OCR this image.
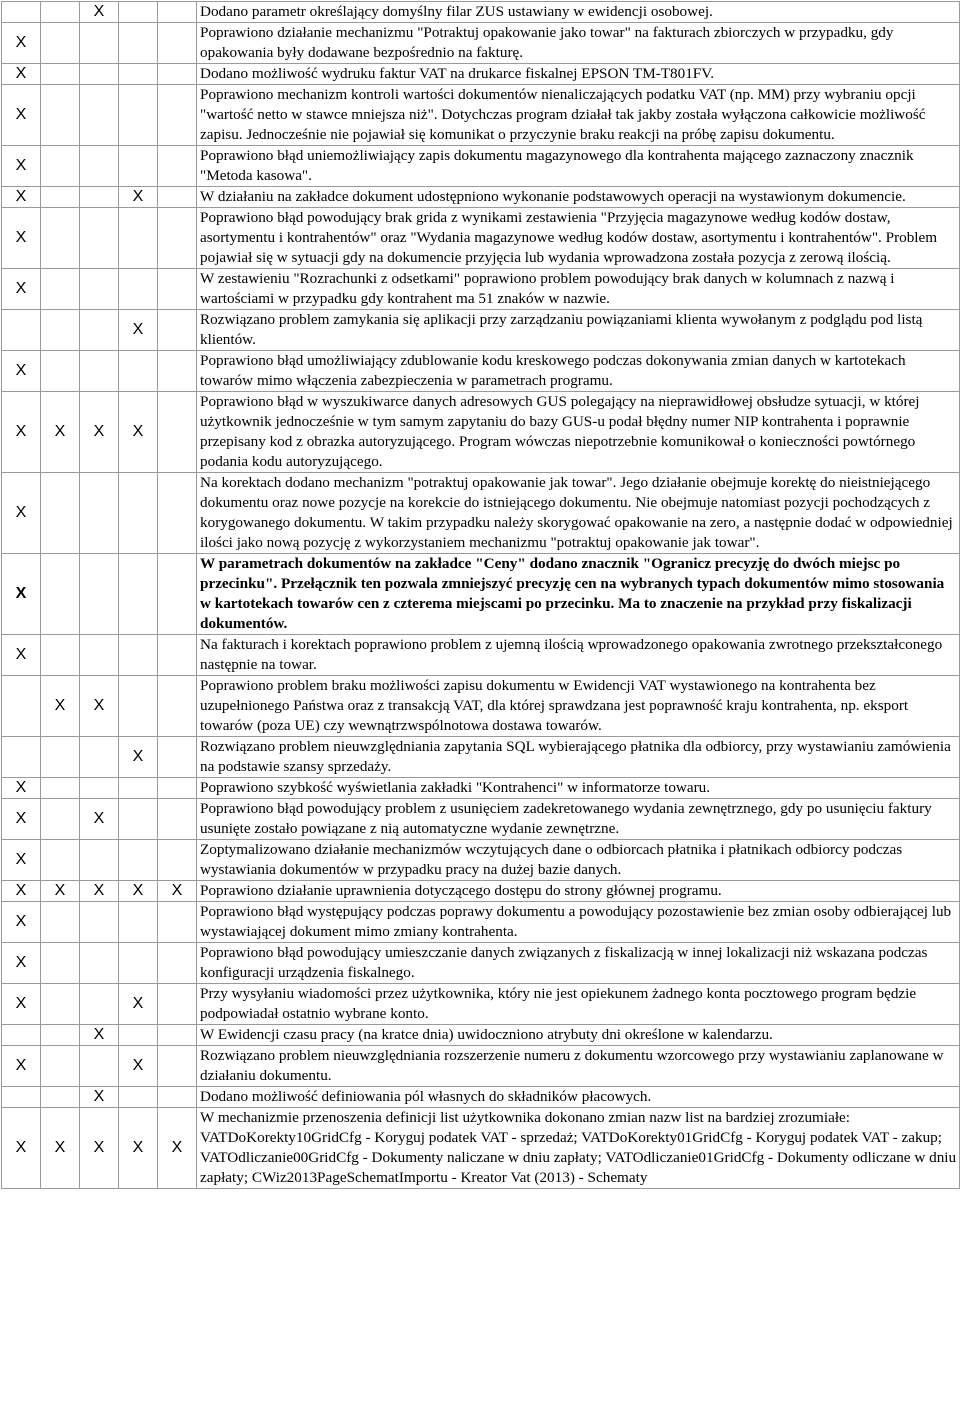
		X			Dodano parametr określający domyślny filar ZUS ustawiany w ewidencji osobowej.
X					Poprawiono działanie mechanizmu "Potraktuj opakowanie jako towar" na fakturach zbiorczych w przypadku, gdy opakowania były dodawane bezpośrednio na fakturę.
X					Dodano możliwość wydruku faktur VAT na drukarce fiskalnej EPSON TM-T801FV.
X					Poprawiono mechanizm kontroli wartości dokumentów nienaliczających podatku VAT (np. MM) przy wybraniu opcji "wartość netto w stawce mniejsza niż". Dotychczas program działał tak jakby została wyłączona całkowicie możliwość zapisu. Jednocześnie nie pojawiał się komunikat o przyczynie braku reakcji na próbę zapisu dokumentu.
X					Poprawiono błąd uniemożliwiający zapis dokumentu magazynowego dla kontrahenta mającego zaznaczony znacznik "Metoda kasowa".
X			X		W działaniu na zakładce dokument udostępniono wykonanie podstawowych operacji na wystawionym dokumencie.
X					Poprawiono błąd powodujący brak grida z wynikami zestawienia "Przyjęcia magazynowe według kodów dostaw, asortymentu i kontrahentów" oraz "Wydania magazynowe według kodów dostaw, asortymentu i kontrahentów". Problem pojawiał się w sytuacji gdy na dokumencie przyjęcia lub wydania wprowadzona została pozycja z zerową ilością.
X					W zestawieniu "Rozrachunki z odsetkami" poprawiono problem powodujący brak danych w kolumnach z nazwą i wartościami w przypadku gdy kontrahent ma 51 znaków w nazwie.
			X		Rozwiązano problem zamykania się aplikacji przy zarządzaniu powiązaniami klienta wywołanym z podglądu pod listą klientów.
X					Poprawiono błąd umożliwiający zdublowanie kodu kreskowego podczas dokonywania zmian danych w kartotekach towarów mimo włączenia zabezpieczenia w parametrach programu.
X	X	X	X		Poprawiono błąd w wyszukiwarce danych adresowych GUS polegający na nieprawidłowej obsłudze sytuacji, w której użytkownik jednocześnie w tym samym zapytaniu do bazy GUS-u podał błędny numer NIP kontrahenta i poprawnie przepisany kod z obrazka autoryzującego. Program wówczas niepotrzebnie komunikował o konieczności powtórnego podania kodu autoryzującego.
X					Na korektach dodano mechanizm "potraktuj opakowanie jak towar". Jego działanie obejmuje korektę do nieistniejącego dokumentu oraz nowe pozycje na korekcie do istniejącego dokumentu. Nie obejmuje natomiast pozycji pochodzących z korygowanego dokumentu. W takim przypadku należy skorygować opakowanie na zero, a następnie dodać w odpowiedniej ilości jako nową pozycję z wykorzystaniem mechanizmu "potraktuj opakowanie jak towar".
X					W parametrach dokumentów na zakładce "Ceny" dodano znacznik "Ogranicz precyzję do dwóch miejsc po przecinku". Przełącznik ten pozwala zmniejszyć precyzję cen na wybranych typach dokumentów mimo stosowania w kartotekach towarów cen z czterema miejscami po przecinku. Ma to znaczenie na przykład przy fiskalizacji dokumentów.
X					Na fakturach i korektach poprawiono problem z ujemną ilością wprowadzonego opakowania zwrotnego przekształconego następnie na towar.
	X	X			Poprawiono problem braku możliwości zapisu dokumentu w Ewidencji VAT wystawionego na kontrahenta bez uzupełnionego Państwa oraz z transakcją VAT, dla której sprawdzana jest poprawność kraju kontrahenta, np. eksport towarów (poza UE) czy wewnątrzwspólnotowa dostawa towarów.
			X		Rozwiązano problem nieuwzględniania zapytania SQL wybierającego płatnika dla odbiorcy, przy wystawianiu zamówienia na podstawie szansy sprzedaży.
X					Poprawiono szybkość wyświetlania zakładki "Kontrahenci" w informatorze towaru.
X		X			Poprawiono błąd powodujący problem z usunięciem zadekretowanego wydania zewnętrznego, gdy po usunięciu faktury usunięte zostało powiązane z nią automatyczne wydanie zewnętrzne.
X					Zoptymalizowano działanie mechanizmów wczytujących dane o odbiorcach płatnika i płatnikach odbiorcy podczas wystawiania dokumentów w przypadku pracy na dużej bazie danych.
X	X	X	X	X	Poprawiono działanie uprawnienia dotyczącego dostępu do strony głównej programu.
X					Poprawiono błąd występujący podczas poprawy dokumentu a powodujący pozostawienie bez zmian osoby odbierającej lub wystawiającej dokument mimo zmiany kontrahenta.
X					Poprawiono błąd powodujący umieszczanie danych związanych z fiskalizacją w innej lokalizacji niż wskazana podczas konfiguracji urządzenia fiskalnego.
X			X		Przy wysyłaniu wiadomości przez użytkownika, który nie jest opiekunem żadnego konta pocztowego program będzie podpowiadał ostatnio wybrane konto.
		X			W Ewidencji czasu pracy (na kratce dnia) uwidoczniono atrybuty dni określone w kalendarzu.
X			X		Rozwiązano problem nieuwzględniania rozszerzenie numeru z dokumentu wzorcowego przy wystawianiu zaplanowane w działaniu dokumentu.
		X			Dodano możliwość definiowania pól własnych do składników płacowych.
X	X	X	X	X	W mechanizmie przenoszenia definicji list użytkownika dokonano zmian nazw list na bardziej zrozumiałe: VATDoKorekty10GridCfg - Koryguj podatek VAT - sprzedaż; VATDoKorekty01GridCfg - Koryguj podatek VAT - zakup; VATOdliczanie00GridCfg - Dokumenty naliczane w dniu zapłaty; VATOdliczanie01GridCfg - Dokumenty odliczane w dniu zapłaty; CWiz2013PageSchematImportu - Kreator Vat (2013) - Schematy
